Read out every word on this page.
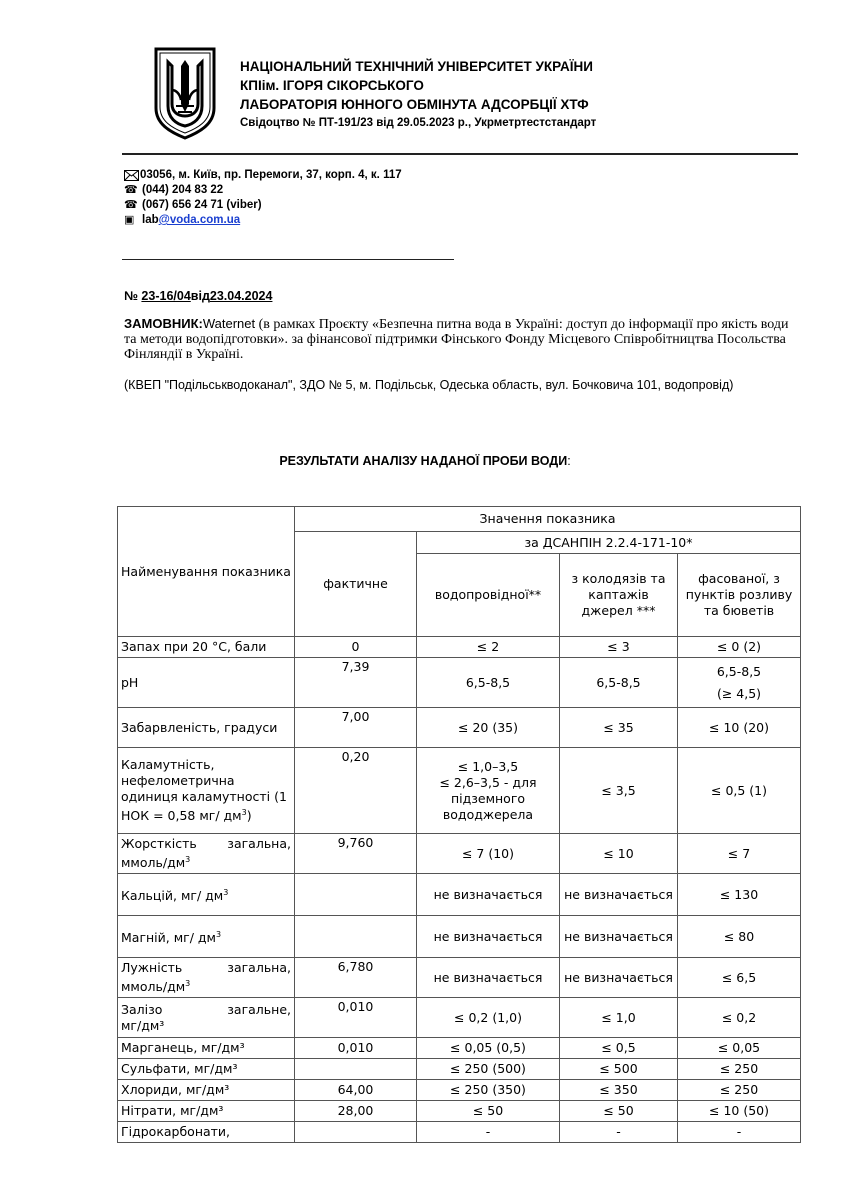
НАЦІОНАЛЬНИЙ ТЕХНІЧНИЙ УНІВЕРСИТЕТ УКРАЇНИ
КПІім. ІГОРЯ СІКОРСЬКОГО
ЛАБОРАТОРІЯ ЮННОГО ОБМІНУТА АДСОРБЦІЇ ХТФ
Свідоцтво № ПТ-191/23 від 29.05.2023 р., Укрметртестстандарт
03056, м. Київ, пр. Перемоги, 37, корп. 4, к. 117
☎ (044) 204 83 22
☎ (067) 656 24 71 (viber)
▣ lab @voda.com.ua
№ 23-16/04від23.04.2024
ЗАМОВНИК:Waternet (в рамках Проєкту «Безпечна питна вода в Україні: доступ до інформації про якість води та методи водопідготовки». за фінансової підтримки Фінського Фонду Місцевого Співробітництва Посольства Фінляндії в Україні.
(КВЕП "Подільськводоканал", ЗДО № 5, м. Подільськ, Одеська область, вул. Бочковича 101, водопровід)
РЕЗУЛЬТАТИ АНАЛІЗУ НАДАНОЇ ПРОБИ ВОДИ:
Найменування показника	Значення показника			
	фактичне	за ДСАНПІН 2.2.4-171-10*		
		водопровідної**	з колодязів та каптажів джерел ***	фасованої, з пунктів розливу та бюветів
Запах при 20 °С, бали	0	≤ 2	≤ 3	≤ 0 (2)
рН	7,39	6,5-8,5	6,5-8,5	6,5-8,5
(≥ 4,5)

Забарвленість, градуси	7,00	≤ 20 (35)	≤ 35	≤ 10 (20)
Каламутність, нефелометрична одиниця каламутності (1 НОК = 0,58 мг/ $дм^3$)	0,20	≤ 1,0–3,5
≤ 2,6–3,5 - для підземного вододжерела	≤ 3,5	≤ 0,5 (1)

Жорсткість загальна,
ммоль/$дм^3$	9,760	≤ 7 (10)	≤ 10	≤ 7
Кальцій, мг/ $дм^3$		не визначається	не визначається	≤ 130
Магній, мг/ $дм^3$		не визначається	не визначається	≤ 80

Лужність загальна,
ммоль/$дм^3$	6,780	не визначається	не визначається	≤ 6,5

Залізо загальне,
мг/дм³	0,010	≤ 0,2 (1,0)	≤ 1,0	≤ 0,2
Марганець, мг/дм³	0,010	≤ 0,05 (0,5)	≤ 0,5	≤ 0,05
Сульфати, мг/дм³		≤ 250 (500)	≤ 500	≤ 250
Хлориди, мг/дм³	64,00	≤ 250 (350)	≤ 350	≤ 250
Нітрати, мг/дм³	28,00	≤ 50	≤ 50	≤ 10 (50)
Гідрокарбонати,		-	-	-
